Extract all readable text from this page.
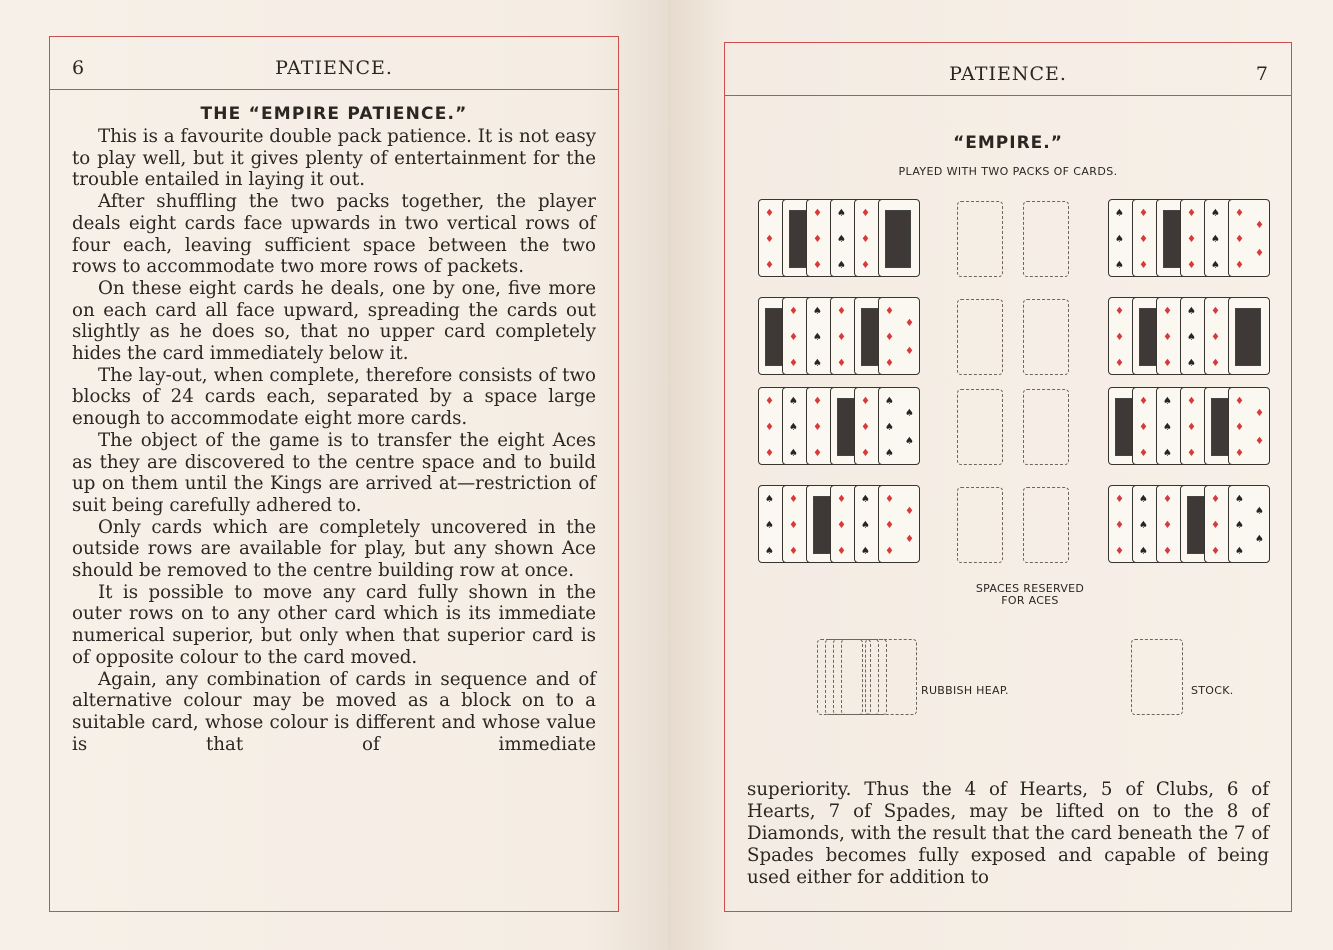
6	PATIENCE.
THE “EMPIRE PATIENCE.”

This is a favourite double pack patience. It is not easy to play well, but it gives plenty of entertainment for the trouble entailed in laying it out.

After shuffling the two packs together, the player deals eight cards face upwards in two vertical rows of four each, leaving sufficient space between the two rows to accommodate two more rows of packets.

On these eight cards he deals, one by one, five more on each card all face upward, spreading the cards out slightly as he does so, that no upper card completely hides the card immediately below it.

The lay-out, when complete, therefore consists of two blocks of 24 cards each, separated by a space large enough to accommodate eight more cards.

The object of the game is to transfer the eight Aces as they are discovered to the centre space and to build up on them until the Kings are arrived at—restriction of suit being carefully adhered to.

Only cards which are completely uncovered in the outside rows are available for play, but any shown Ace should be removed to the centre building row at once.

It is possible to move any card fully shown in the outer rows on to any other card which is its immediate numerical superior, but only when that superior card is of opposite colour to the card moved.

Again, any combination of cards in sequence and of alternative colour may be moved as a block on to a suitable card, whose colour is different and whose value is that of immediate

PATIENCE.	7
“EMPIRE.”
PLAYED WITH TWO PACKS OF CARDS.
♦
♦
♦
♦
♦
♦
♠
♠
♠
♦
♦
♦
♠
♠
♠
♦
♦
♦
♦
♦
♦
♠
♠
♠
♦
♦
♦
♦
♦
♦
♦
♦
♠
♠
♠
♦
♦
♦
♦
♦
♦
♦
♦
♦
♦
♦
♦
♦
♦
♠
♠
♠
♦
♦
♦
♦
♦
♦
♠
♠
♠
♦
♦
♦
♦
♦
♦
♠
♠
♠
♠
♠
♦
♦
♦
♠
♠
♠
♦
♦
♦
♦
♦
♦
♦
♦
♠
♠
♠
♦
♦
♦
♦
♦
♦
♠
♠
♠
♦
♦
♦
♦
♦
♦
♦
♦
♠
♠
♠
♦
♦
♦
♦
♦
♦
♠
♠
♠
♠
♠
SPACES RESERVED
FOR ACES
RUBBISH HEAP.	STOCK.

superiority. Thus the 4 of Hearts, 5 of Clubs, 6 of Hearts, 7 of Spades, may be lifted on to the 8 of Diamonds, with the result that the card beneath the 7 of Spades becomes fully exposed and capable of being used either for addition to
